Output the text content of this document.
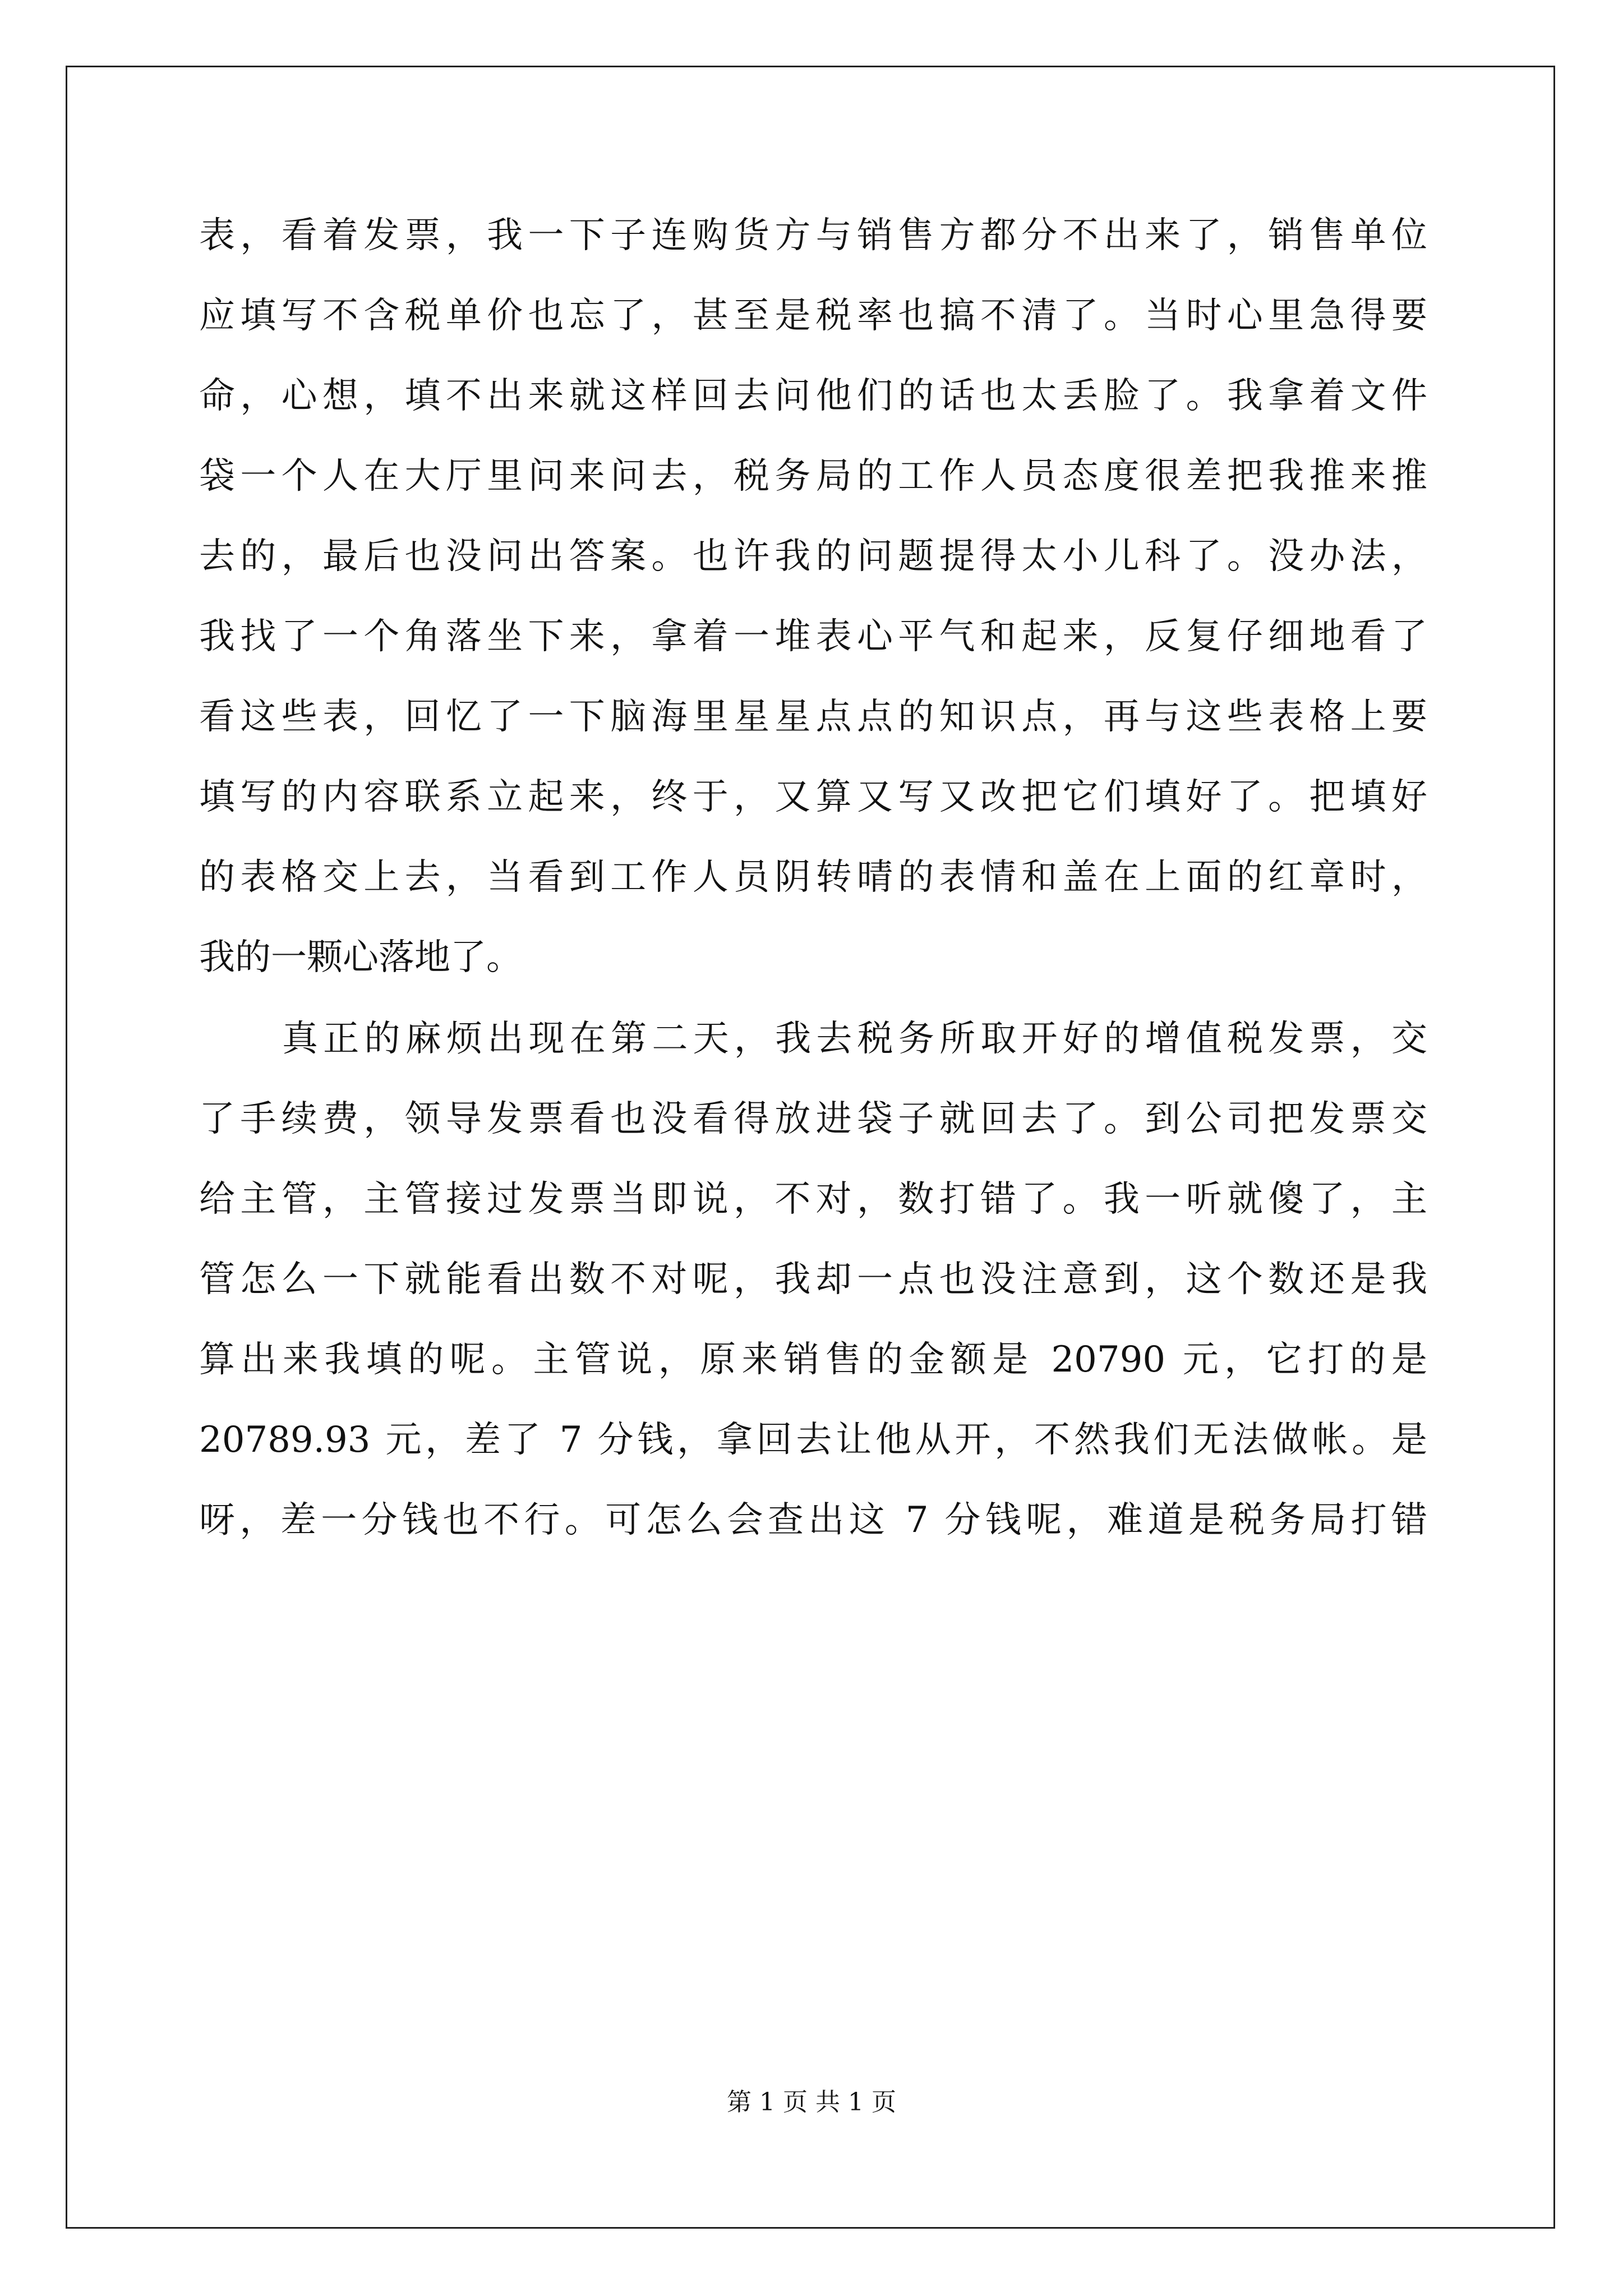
表，看着发票，我一下子连购货方与销售方都分不出来了，销售单位
应填写不含税单价也忘了，甚至是税率也搞不清了。当时心里急得要
命，心想，填不出来就这样回去问他们的话也太丢脸了。我拿着文件
袋一个人在大厅里问来问去，税务局的工作人员态度很差把我推来推
去的，最后也没问出答案。也许我的问题提得太小儿科了。没办法，
我找了一个角落坐下来，拿着一堆表心平气和起来，反复仔细地看了
看这些表，回忆了一下脑海里星星点点的知识点，再与这些表格上要
填写的内容联系立起来，终于，又算又写又改把它们填好了。把填好
的表格交上去，当看到工作人员阴转晴的表情和盖在上面的红章时，
我的一颗心落地了。
真正的麻烦出现在第二天，我去税务所取开好的增值税发票，交
了手续费，领导发票看也没看得放进袋子就回去了。到公司把发票交
给主管，主管接过发票当即说，不对，数打错了。我一听就傻了，主
管怎么一下就能看出数不对呢，我却一点也没注意到，这个数还是我
算出来我填的呢。主管说，原来销售的金额是 20790 元，它打的是
20789.93 元，差了 7 分钱，拿回去让他从开，不然我们无法做帐。是
呀，差一分钱也不行。可怎么会查出这 7 分钱呢，难道是税务局打错
第 1 页 共 1 页
